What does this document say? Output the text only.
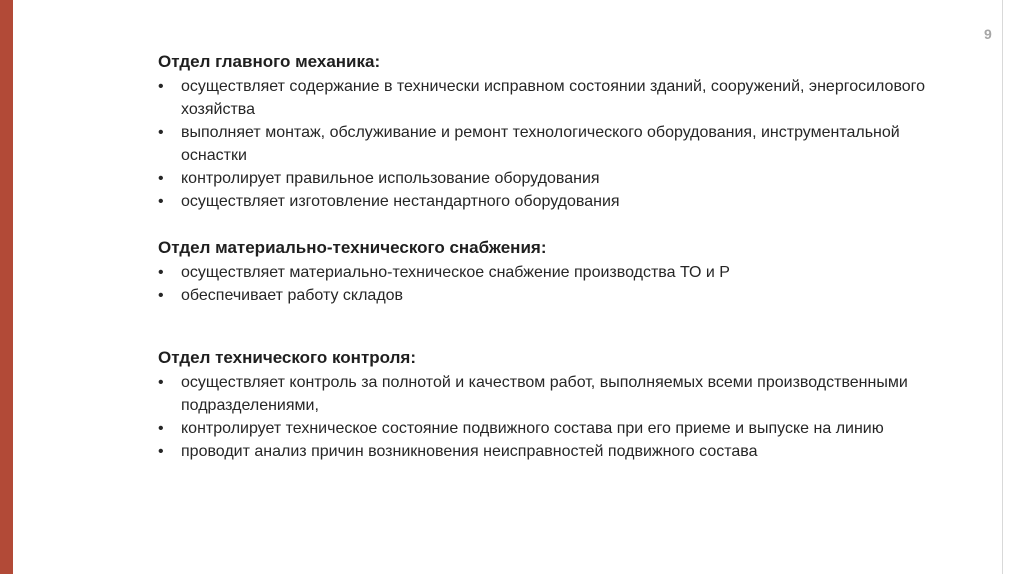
9
Отдел главного механика:
•	осуществляет содержание в технически исправном состоянии зданий, сооружений, энергосилового хозяйства
•	выполняет монтаж, обслуживание и ремонт технологического оборудования, инструментальной оснастки
•	контролирует правильное использование оборудования
•	осуществляет изготовление нестандартного оборудования
Отдел материально-технического снабжения:
•	осуществляет материально-техническое снабжение производства ТО и Р
•	обеспечивает работу складов
Отдел технического контроля:
•	осуществляет контроль за полнотой и качеством работ, выполняемых всеми производственными подразделениями,
•	контролирует техническое состояние подвижного состава при его приеме и выпуске на линию
•	проводит анализ причин возникновения неисправностей подвижного состава
